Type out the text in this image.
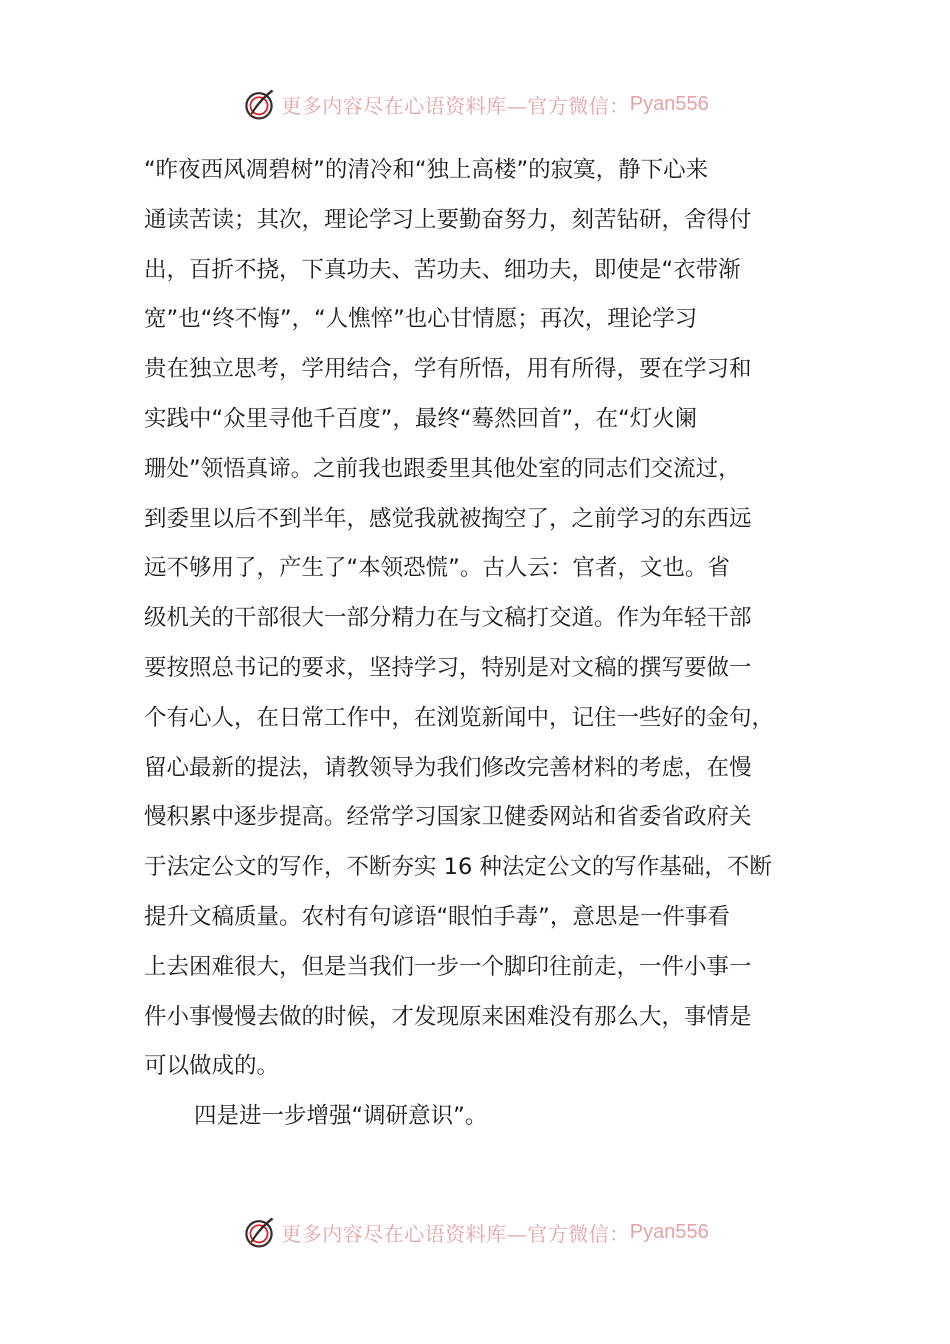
更多内容尽在心语资料库—官方微信： Pyan556
“昨夜西风凋碧树”的清冷和“独上高楼”的寂寞，静下心来
通读苦读；其次，理论学习上要勤奋努力，刻苦钻研，舍得付
出，百折不挠，下真功夫、苦功夫、细功夫，即使是“衣带渐
宽”也“终不悔”，“人憔悴”也心甘情愿；再次，理论学习
贵在独立思考，学用结合，学有所悟，用有所得，要在学习和
实践中“众里寻他千百度”，最终“蓦然回首”，在“灯火阑
珊处”领悟真谛。之前我也跟委里其他处室的同志们交流过，
到委里以后不到半年，感觉我就被掏空了，之前学习的东西远
远不够用了，产生了“本领恐慌”。古人云：官者，文也。省
级机关的干部很大一部分精力在与文稿打交道。作为年轻干部
要按照总书记的要求，坚持学习，特别是对文稿的撰写要做一
个有心人，在日常工作中，在浏览新闻中，记住一些好的金句，
留心最新的提法，请教领导为我们修改完善材料的考虑，在慢
慢积累中逐步提高。经常学习国家卫健委网站和省委省政府关
于法定公文的写作，不断夯实 16 种法定公文的写作基础，不断
提升文稿质量。农村有句谚语“眼怕手毒”，意思是一件事看
上去困难很大，但是当我们一步一个脚印往前走，一件小事一
件小事慢慢去做的时候，才发现原来困难没有那么大，事情是
可以做成的。
四是进一步增强“调研意识”。
更多内容尽在心语资料库—官方微信： Pyan556
